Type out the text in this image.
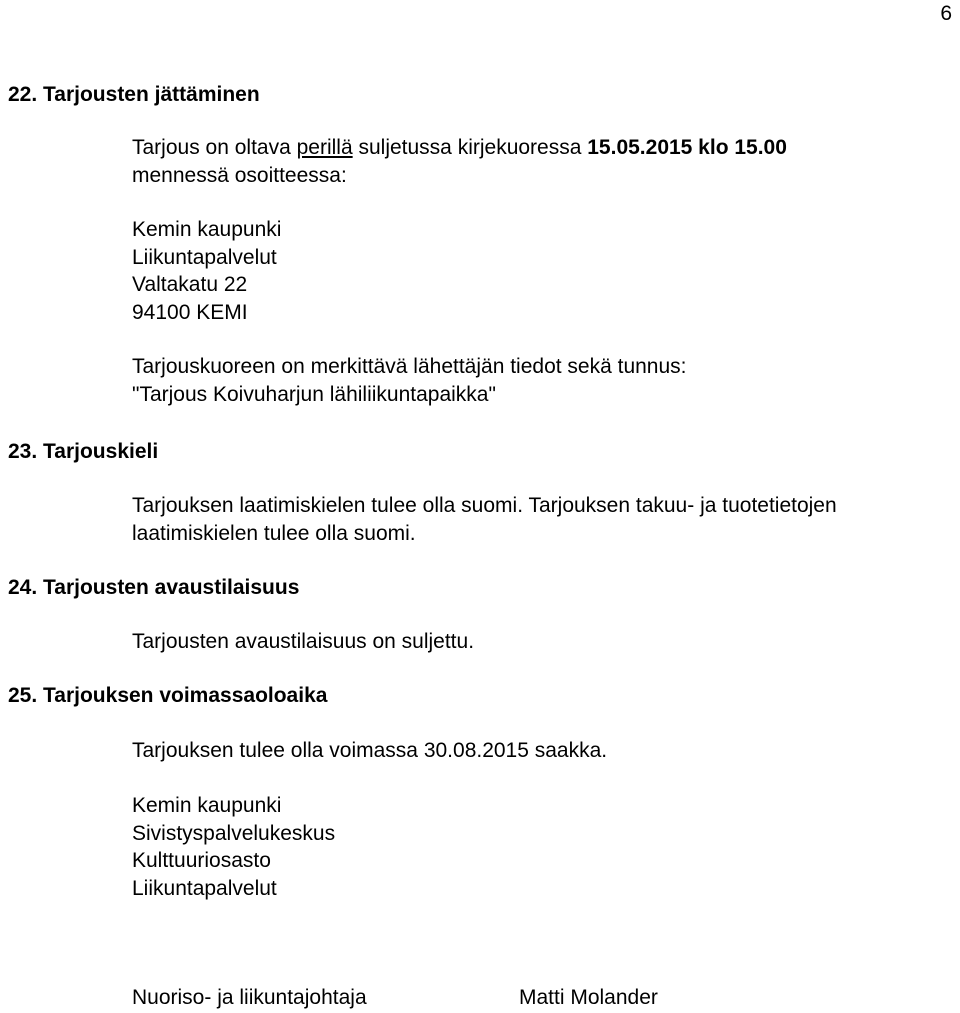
6
22. Tarjousten jättäminen
Tarjous on oltava perillä suljetussa kirjekuoressa 15.05.2015 klo 15.00
mennessä osoitteessa:
Kemin kaupunki
Liikuntapalvelut
Valtakatu 22
94100 KEMI
Tarjouskuoreen on merkittävä lähettäjän tiedot sekä tunnus:
"Tarjous Koivuharjun lähiliikuntapaikka"
23. Tarjouskieli
Tarjouksen laatimiskielen tulee olla suomi. Tarjouksen takuu- ja tuotetietojen
laatimiskielen tulee olla suomi.
24. Tarjousten avaustilaisuus
Tarjousten avaustilaisuus on suljettu.
25. Tarjouksen voimassaoloaika
Tarjouksen tulee olla voimassa 30.08.2015 saakka.
Kemin kaupunki
Sivistyspalvelukeskus
Kulttuuriosasto
Liikuntapalvelut
Nuoriso- ja liikuntajohtaja	Matti Molander
